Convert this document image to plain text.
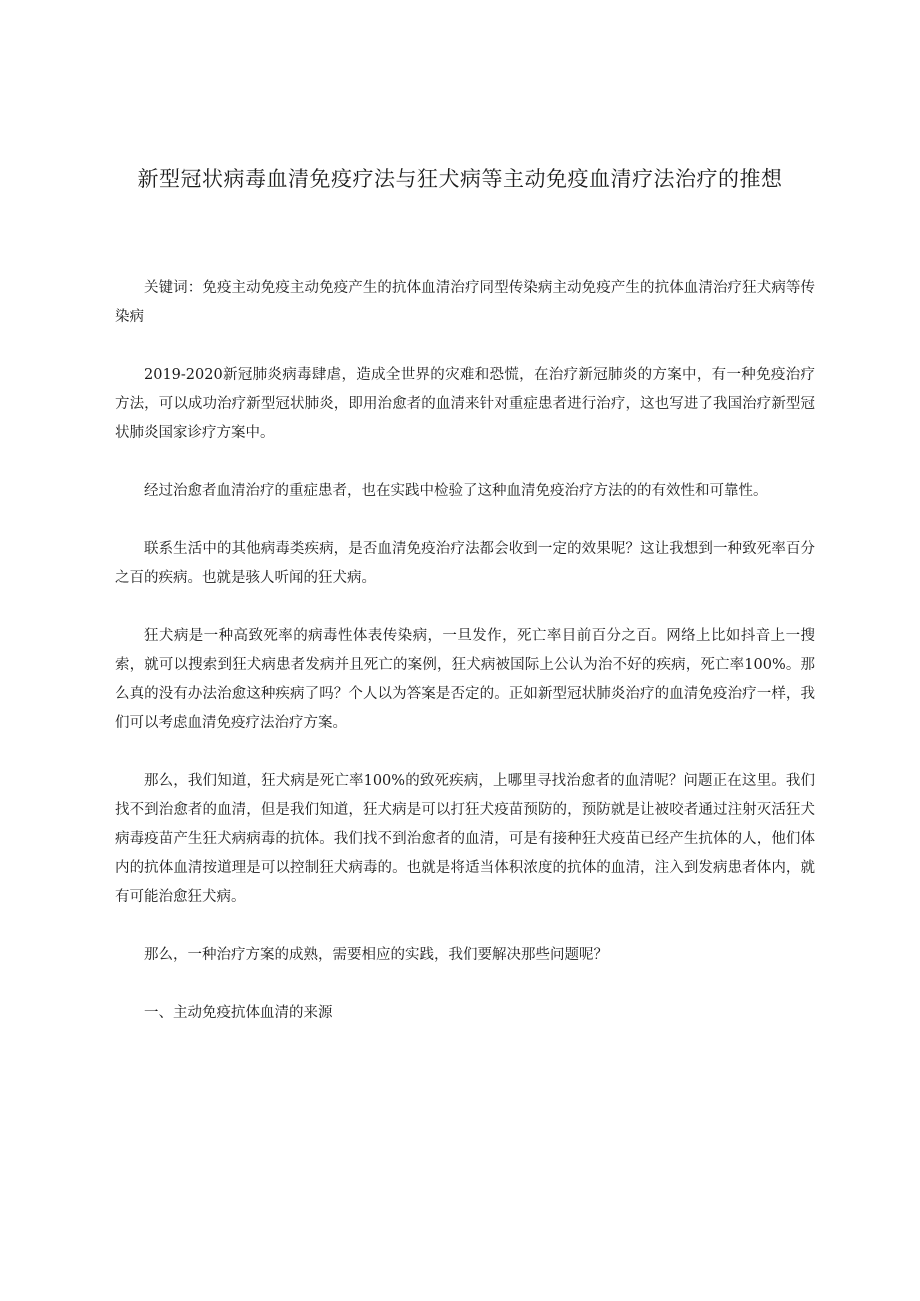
新型冠状病毒血清免疫疗法与狂犬病等主动免疫血清疗法治疗的推想

关键词：免疫主动免疫主动免疫产生的抗体血清治疗同型传染病主动免疫产生的抗体血清治疗狂犬病等传染病

2019-2020新冠肺炎病毒肆虐，造成全世界的灾难和恐慌，在治疗新冠肺炎的方案中，有一种免疫治疗方法，可以成功治疗新型冠状肺炎，即用治愈者的血清来针对重症患者进行治疗，这也写进了我国治疗新型冠状肺炎国家诊疗方案中。

经过治愈者血清治疗的重症患者，也在实践中检验了这种血清免疫治疗方法的的有效性和可靠性。

联系生活中的其他病毒类疾病，是否血清免疫治疗法都会收到一定的效果呢？这让我想到一种致死率百分之百的疾病。也就是骇人听闻的狂犬病。

狂犬病是一种高致死率的病毒性体表传染病，一旦发作，死亡率目前百分之百。网络上比如抖音上一搜索，就可以搜索到狂犬病患者发病并且死亡的案例，狂犬病被国际上公认为治不好的疾病，死亡率100%。那么真的没有办法治愈这种疾病了吗？个人以为答案是否定的。正如新型冠状肺炎治疗的血清免疫治疗一样，我们可以考虑血清免疫疗法治疗方案。

那么，我们知道，狂犬病是死亡率100%的致死疾病，上哪里寻找治愈者的血清呢？问题正在这里。我们找不到治愈者的血清，但是我们知道，狂犬病是可以打狂犬疫苗预防的，预防就是让被咬者通过注射灭活狂犬病毒疫苗产生狂犬病病毒的抗体。我们找不到治愈者的血清，可是有接种狂犬疫苗已经产生抗体的人，他们体内的抗体血清按道理是可以控制狂犬病毒的。也就是将适当体积浓度的抗体的血清，注入到发病患者体内，就有可能治愈狂犬病。

那么，一种治疗方案的成熟，需要相应的实践，我们要解决那些问题呢？

一、主动免疫抗体血清的来源
